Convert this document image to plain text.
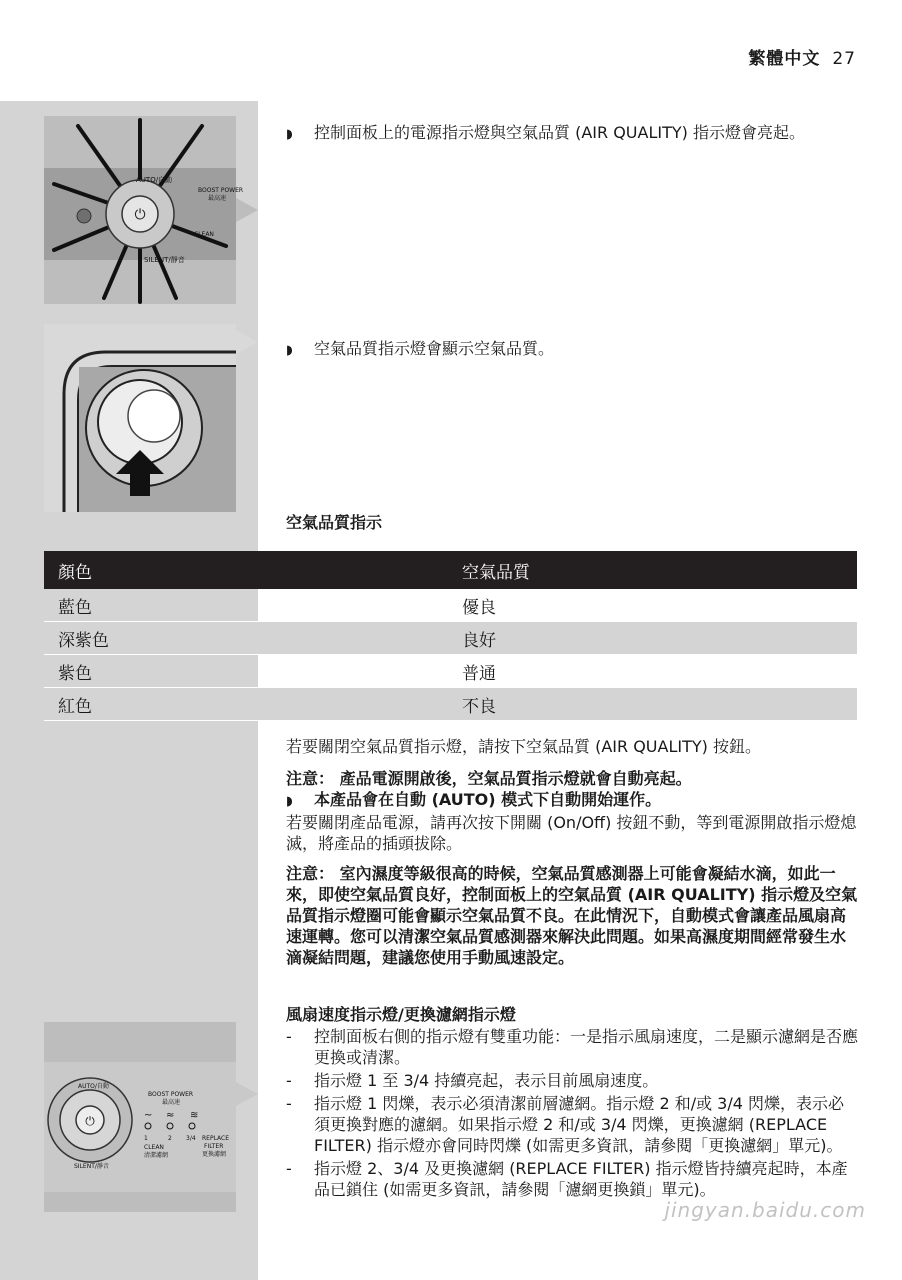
繁體中文 27
⏻
AUTO/自動
SILENT/靜音
BOOST POWER
最高速
CLEAN
◗ 控制面板上的電源指示燈與空氣品質 (AIR QUALITY) 指示燈會亮起。
◗ 空氣品質指示燈會顯示空氣品質。
空氣品質指示
顏色	空氣品質
藍色	優良
深紫色	良好
紫色	普通
紅色	不良

若要關閉空氣品質指示燈，請按下空氣品質 (AIR QUALITY) 按鈕。

注意： 產品電源開啟後，空氣品質指示燈就會自動亮起。

◗ 本產品會在自動 (AUTO) 模式下自動開始運作。

若要關閉產品電源，請再次按下開關 (On/Off) 按鈕不動，等到電源開啟指示燈熄滅，將產品的插頭拔除。

注意： 室內濕度等級很高的時候，空氣品質感測器上可能會凝結水滴，如此一來，即使空氣品質良好，控制面板上的空氣品質 (AIR QUALITY) 指示燈及空氣品質指示燈圈可能會顯示空氣品質不良。在此情況下，自動模式會讓產品風扇高速運轉。您可以清潔空氣品質感測器來解決此問題。如果高濕度期間經常發生水滴凝結問題，建議您使用手動風速設定。

風扇速度指示燈/更換濾網指示燈
⏻
AUTO/自動
SILENT/靜音
BOOST POWER
最高速
~ ≈ ≋
1	2 3/4
CLEAN
清潔濾網
REPLACE
FILTER
更換濾網
- 控制面板右側的指示燈有雙重功能：一是指示風扇速度，二是顯示濾網是否應更換或清潔。
- 指示燈 1 至 3/4 持續亮起，表示目前風扇速度。
- 指示燈 1 閃爍，表示必須清潔前層濾網。指示燈 2 和/或 3/4 閃爍，表示必須更換對應的濾網。如果指示燈 2 和/或 3/4 閃爍，更換濾網 (REPLACE FILTER) 指示燈亦會同時閃爍 (如需更多資訊，請參閱「更換濾網」單元)。
- 指示燈 2、3/4 及更換濾網 (REPLACE FILTER) 指示燈皆持續亮起時，本產品已鎖住 (如需更多資訊，請參閱「濾網更換鎖」單元)。
jingyan.baidu.com
